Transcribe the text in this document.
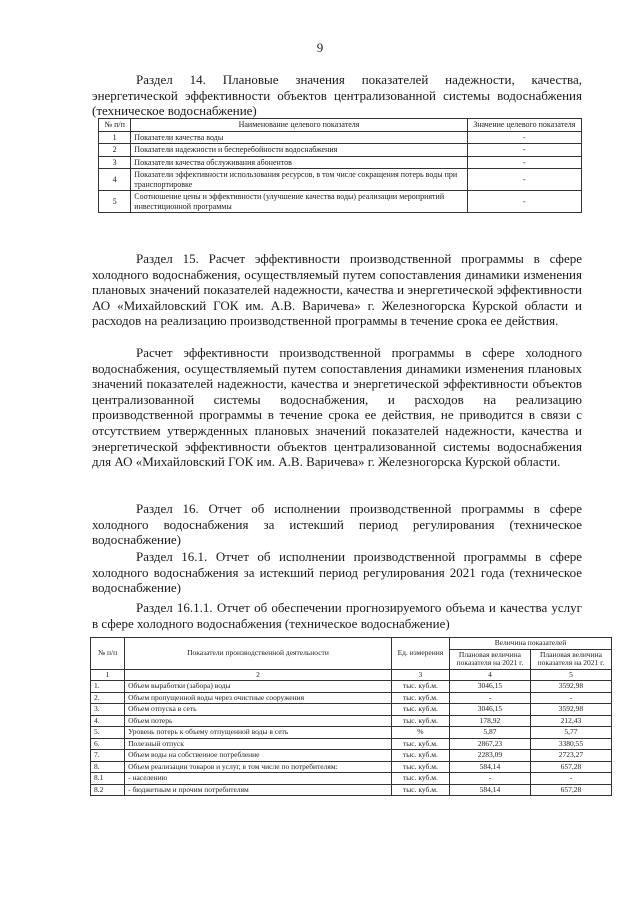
9

Раздел 14. Плановые значения показателей надежности, качества, энергетической эффективности объектов централизованной системы водоснабжения (техническое водоснабжение)

№ п/п	Наименование целевого показателя	Значение целевого показателя
1	Показатели качества воды	-
2	Показатели надежности и бесперебойности водоснабжения	-
3	Показатели качества обслуживания абонентов	-
4	Показатели эффективности использования ресурсов, в том числе сокращения потерь воды при транспортировке	-
5	Соотношение цены и эффективности (улучшение качества воды) реализации мероприятий инвестиционной программы	-

Раздел 15. Расчет эффективности производственной программы в сфере холодного водоснабжения, осуществляемый путем сопоставления динамики изменения плановых значений показателей надежности, качества и энергетической эффективности АО «Михайловский ГОК им. А.В. Варичева» г. Железногорска Курской области и расходов на реализацию производственной программы в течение срока ее действия.

Расчет эффективности производственной программы в сфере холодного водоснабжения, осуществляемый путем сопоставления динамики изменения плановых значений показателей надежности, качества и энергетической эффективности объектов централизованной системы водоснабжения, и расходов на реализацию производственной программы в течение срока ее действия, не приводится в связи с отсутствием утвержденных плановых значений показателей надежности, качества и энергетической эффективности объектов централизованной системы водоснабжения для АО «Михайловский ГОК им. А.В. Варичева» г. Железногорска Курской области.

Раздел 16. Отчет об исполнении производственной программы в сфере холодного водоснабжения за истекший период регулирования (техническое водоснабжение)

Раздел 16.1. Отчет об исполнении производственной программы в сфере холодного водоснабжения за истекший период регулирования 2021 года (техническое водоснабжение)

Раздел 16.1.1. Отчет об обеспечении прогнозируемого объема и качества услуг в сфере холодного водоснабжения (техническое водоснабжение)

№ п/п	Показатели производственной деятельности	Ед. измерения	Величина показателей	
			Плановая величина показателя на 2021 г.	Плановая величина показателя на 2021 г.
1	2	3	4	5
1.	Объем выработки (забора) воды	тыс. куб.м.	3046,15	3592,98
2.	Объем пропущенной воды через очистные сооружения	тыс. куб.м.	-	-
3.	Объем отпуска в сеть	тыс. куб.м.	3046,15	3592,98
4.	Объем потерь	тыс. куб.м.	178,92	212,43
5.	Уровень потерь к объему отпущенной воды в сеть	%	5,87	5,77
6.	Полезный отпуск	тыс. куб.м.	2867,23	3380,55
7.	Объем воды на собственное потребление	тыс. куб.м.	2283,09	2723,27
8.	Объем реализации товаров и услуг, в том числе по потребителям:	тыс. куб.м.	584,14	657,28
8.1	- населению	тыс. куб.м.	-	-
8.2	- бюджетным и прочим потребителям	тыс. куб.м.	584,14	657,28
